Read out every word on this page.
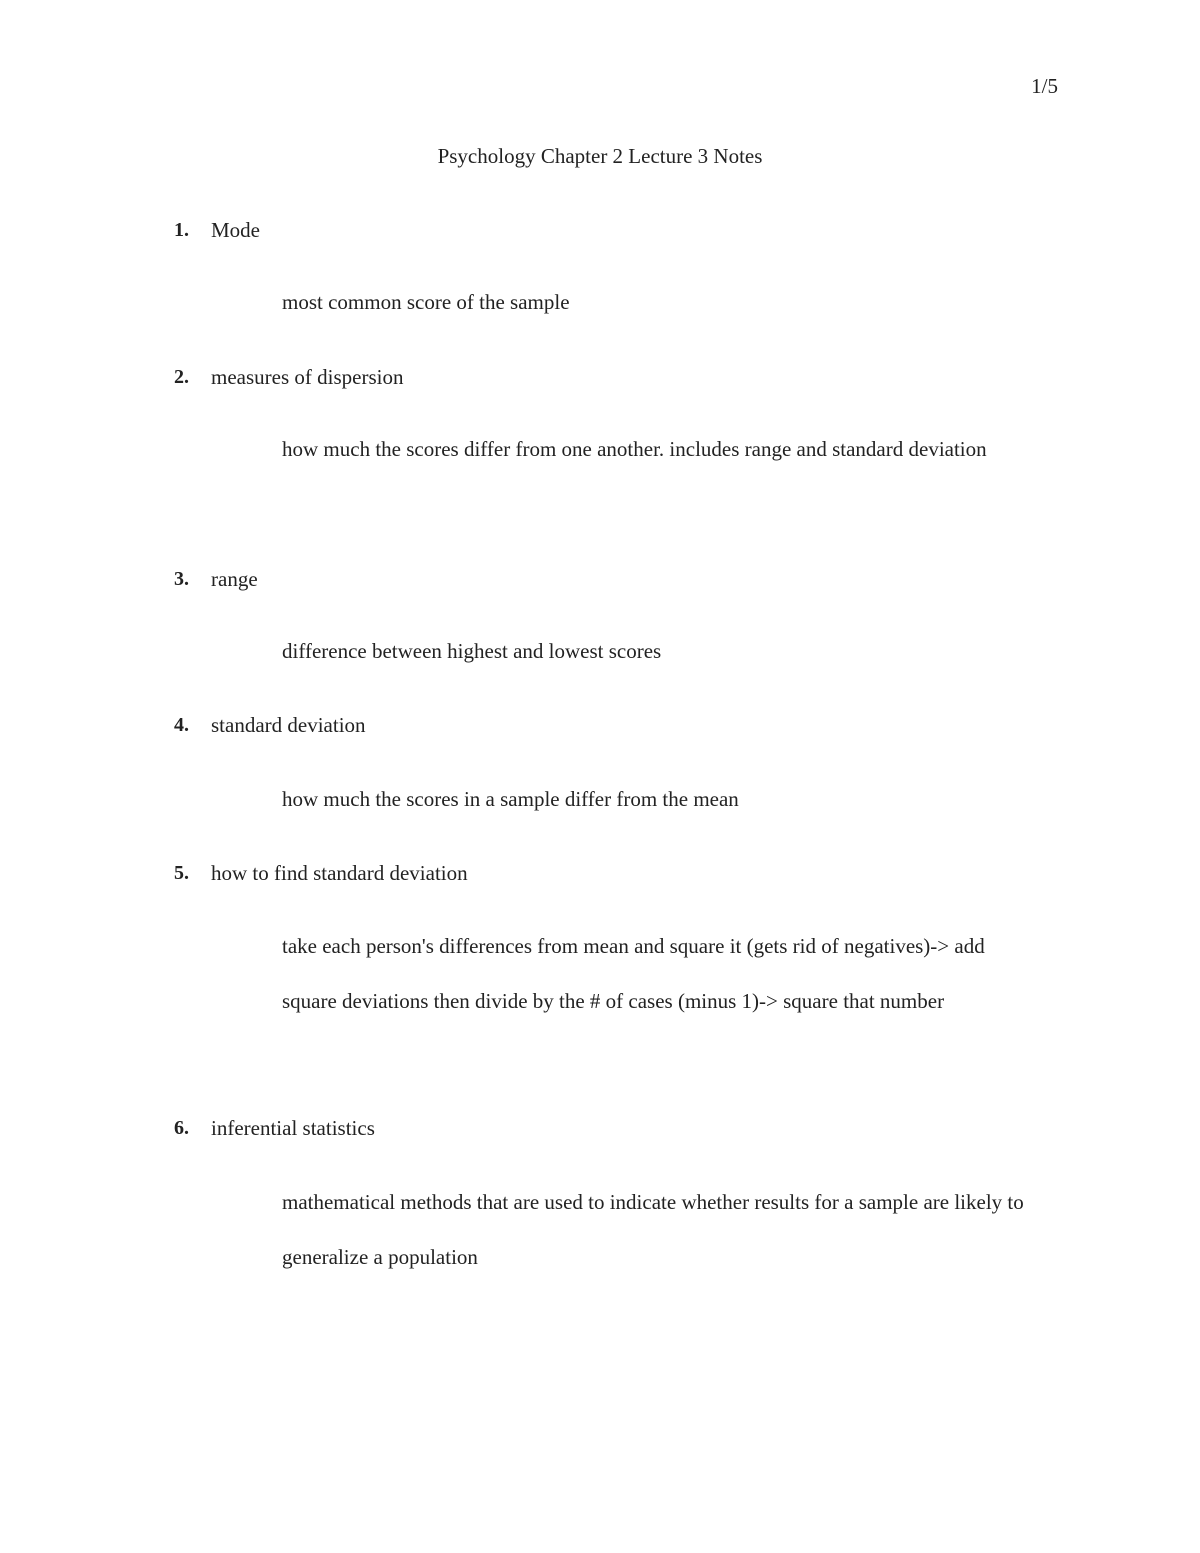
1/5
Psychology Chapter 2 Lecture 3 Notes
1. Mode
most common score of the sample
2. measures of dispersion
how much the scores differ from one another. includes range and standard deviation
3. range
difference between highest and lowest scores
4. standard deviation
how much the scores in a sample differ from the mean
5. how to find standard deviation
take each person's differences from mean and square it (gets rid of negatives)-> add square deviations then divide by the # of cases (minus 1)-> square that number
6. inferential statistics
mathematical methods that are used to indicate whether results for a sample are likely to generalize a population
